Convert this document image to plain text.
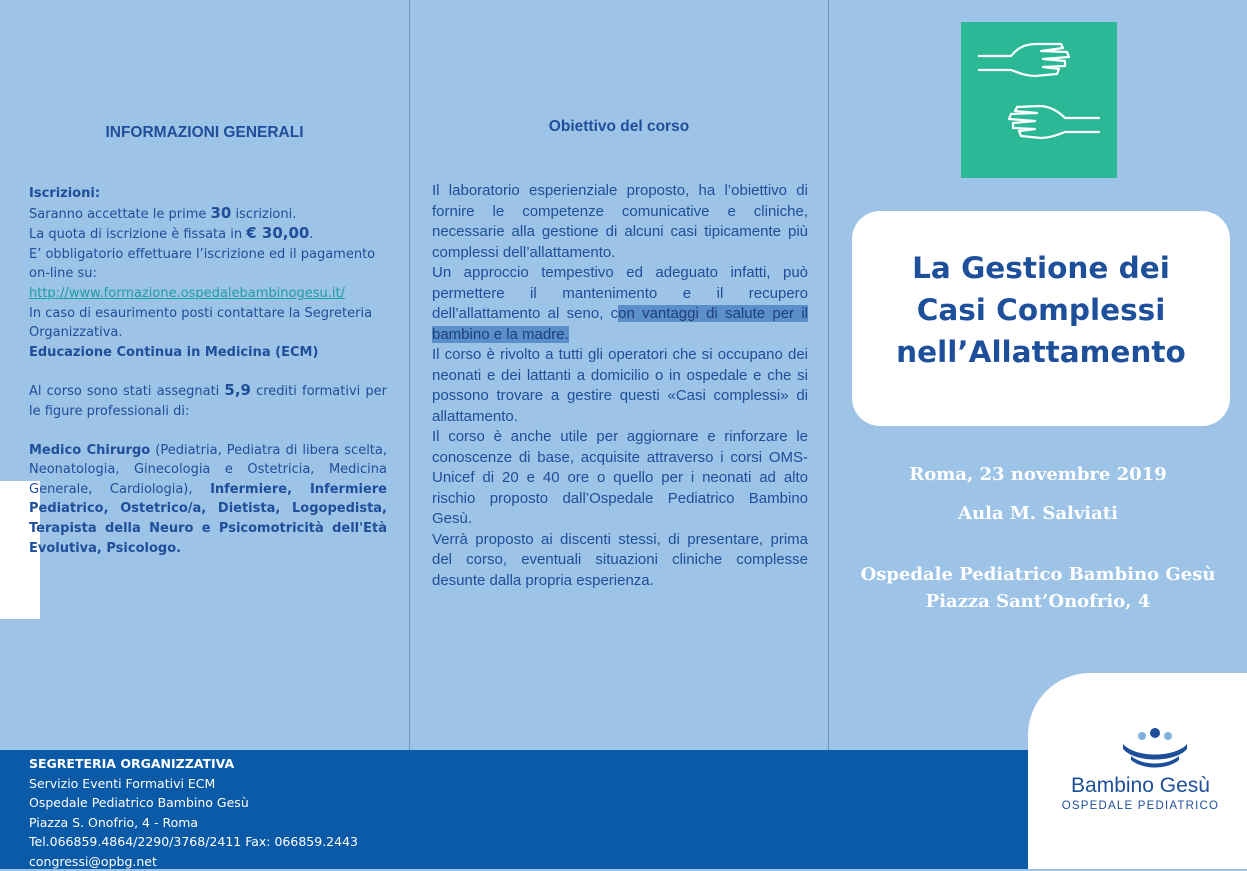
INFORMAZIONI GENERALI
Iscrizioni:
Saranno accettate le prime 30 iscrizioni.
La quota di iscrizione è fissata in € 30,00.
E’ obbligatorio effettuare l’iscrizione ed il pagamento on-line su:
http://www.formazione.ospedalebambinogesu.it/
In caso di esaurimento posti contattare la Segreteria Organizzativa.
Educazione Continua in Medicina (ECM)
Al corso sono stati assegnati 5,9 crediti formativi per le figure professionali di:
Medico Chirurgo (Pediatria, Pediatra di libera scelta, Neonatologia, Ginecologia e Ostetricia, Medicina Generale, Cardiologia), Infermiere, Infermiere Pediatrico, Ostetrico/a, Dietista, Logopedista, Terapista della Neuro e Psicomotricità dell'Età Evolutiva, Psicologo.
Obiettivo del corso

Il laboratorio esperienziale proposto, ha l’obiettivo di fornire le competenze comunicative e cliniche, necessarie alla gestione di alcuni casi tipicamente più complessi dell’allattamento.

Un approccio tempestivo ed adeguato infatti, può permettere il mantenimento e il recupero dell’allattamento al seno, con vantaggi di salute per il bambino e la madre.

Il corso è rivolto a tutti gli operatori che si occupano dei neonati e dei lattanti a domicilio o in ospedale e che si possono trovare a gestire questi «Casi complessi» di allattamento.

Il corso è anche utile per aggiornare e rinforzare le conoscenze di base, acquisite attraverso i corsi OMS-Unicef di 20 e 40 ore o quello per i neonati ad alto rischio proposto dall’Ospedale Pediatrico Bambino Gesù.

Verrà proposto ai discenti stessi, di presentare, prima del corso, eventuali situazioni cliniche complesse desunte dalla propria esperienza.

La Gestione dei
Casi Complessi
nell’Allattamento
Roma, 23 novembre 2019
Aula M. Salviati
Ospedale Pediatrico Bambino Gesù
Piazza Sant’Onofrio, 4
Bambino Gesù
OSPEDALE PEDIATRICO
SEGRETERIA ORGANIZZATIVA
Servizio Eventi Formativi ECM
Ospedale Pediatrico Bambino Gesù
Piazza S. Onofrio, 4 - Roma
Tel.066859.4864/2290/3768/2411 Fax: 066859.2443
congressi@opbg.net
